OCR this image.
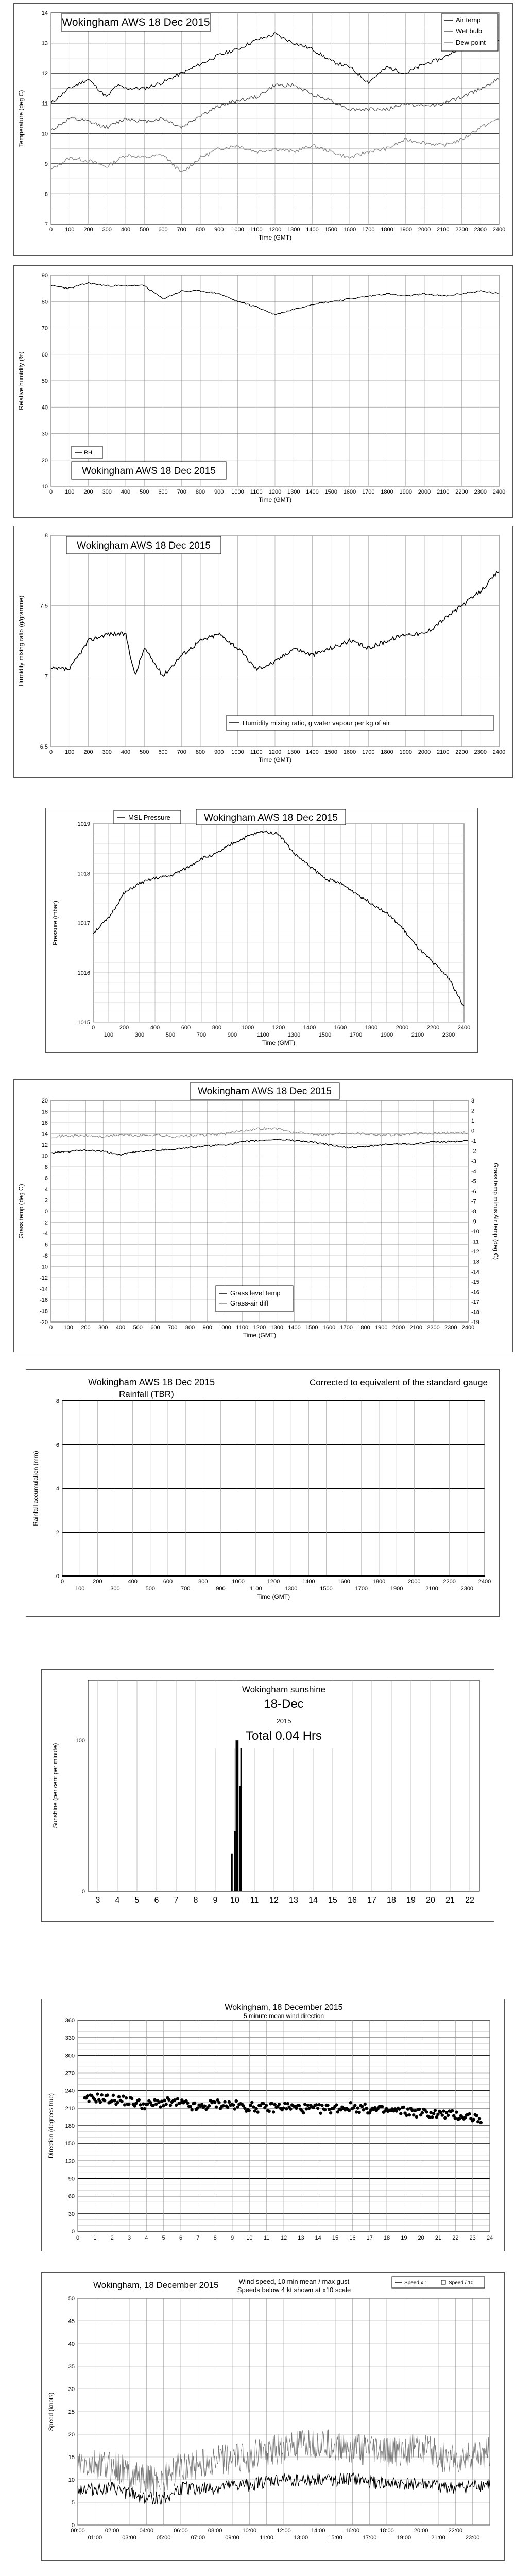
7
8
9
10
11
12
13
14
0 100 200 300 400 500 600 700 800 900 1000 1100 1200 1300 1400 1500 1600 1700 1800 1900 2000 2100 2200 2300 2400
Wokingham AWS 18 Dec 2015	Air temp
Wet bulb
Dew point
Time (GMT)
Temperature (deg C)
10
20
30
40
50
60
70
80
90
0 100 200 300 400 500 600 700 800 900 1000 1100 1200 1300 1400 1500 1600 1700 1800 1900 2000 2100 2200 2300 2400
RH
Wokingham AWS 18 Dec 2015
Time (GMT)
Relative humidity (%)
6.5
7
7.5
8
0 100 200 300 400 500 600 700 800 900 1000 1100 1200 1300 1400 1500 1600 1700 1800 1900 2000 2100 2200 2300 2400
Wokingham AWS 18 Dec 2015
Humidity mixing ratio, g water vapour per kg of air
Time (GMT)
Humidity mixing ratio (g/gramme)
1015
1016
1017
1018
1019
0	200	400	600	800	1000	1200	1400	1600	1800	2000	2200	2400
100	300	500	700	900	1100	1300	1500	1700	1900	2100	2300
MSL Pressure	Wokingham AWS 18 Dec 2015
Time (GMT)
Pressure (mbar)
-20
-18
-16
-14
-12
-10
-8
-6
-4
-2
0
2
4
6
8
10
12
14
16
18
20
0 100 200 300 400 500 600 700 800 900 1000 1100 1200 1300 1400 1500 1600 1700 1800 1900 2000 2100 2200 2300 2400
-19
-18
-17
-16
-15
-14
-13
-12
-11
-10
-9
-8
-7
-6
-5
-4
-3
-2
-1
0
1
2
3
Wokingham AWS 18 Dec 2015
Grass level temp
Grass-air diff
Time (GMT)
Grass temp (deg C)	Grass temp minus Air temp (deg C)
0
2
4
6
8
0	200	400	600	800	1000	1200	1400	1600	1800	2000	2200	2400
100	300	500	700	900	1100	1300	1500	1700	1900	2100	2300
Wokingham AWS 18 Dec 2015
Rainfall (TBR)
Corrected to equivalent of the standard gauge
Time (GMT)
Rainfall accumulation (mm)
3 4 5 6 7 8 9 10 11 12 13 14 15 16 17 18 19 20 21 22
0
100
Wokingham sunshine
18-Dec
2015
Total 0.04 Hrs
Sunshine (per cent per minute)
0
30
60
90
120
150
180
210
240
270
300
330
360
0 1 2 3 4 5 6 7 8 9 10 11 12 13 14 15 16 17 18 19 20 21 22 23 24
Wokingham, 18 December 2015
5 minute mean wind direction
Direction (degrees true)
0
5
10
15
20
25
30
35
40
45
50
00:00	02:00	04:00	06:00	08:00	10:00	12:00	14:00	16:00	18:00	20:00	22:00
01:00	03:00	05:00	07:00	09:00	11:00	13:00	15:00	17:00	19:00	21:00	23:00
Wokingham, 18 December 2015	Wind speed, 10 min mean / max gust
Speeds below 4 kt shown at x10 scale
Speed x 1	Speed / 10
Speed (knots)
